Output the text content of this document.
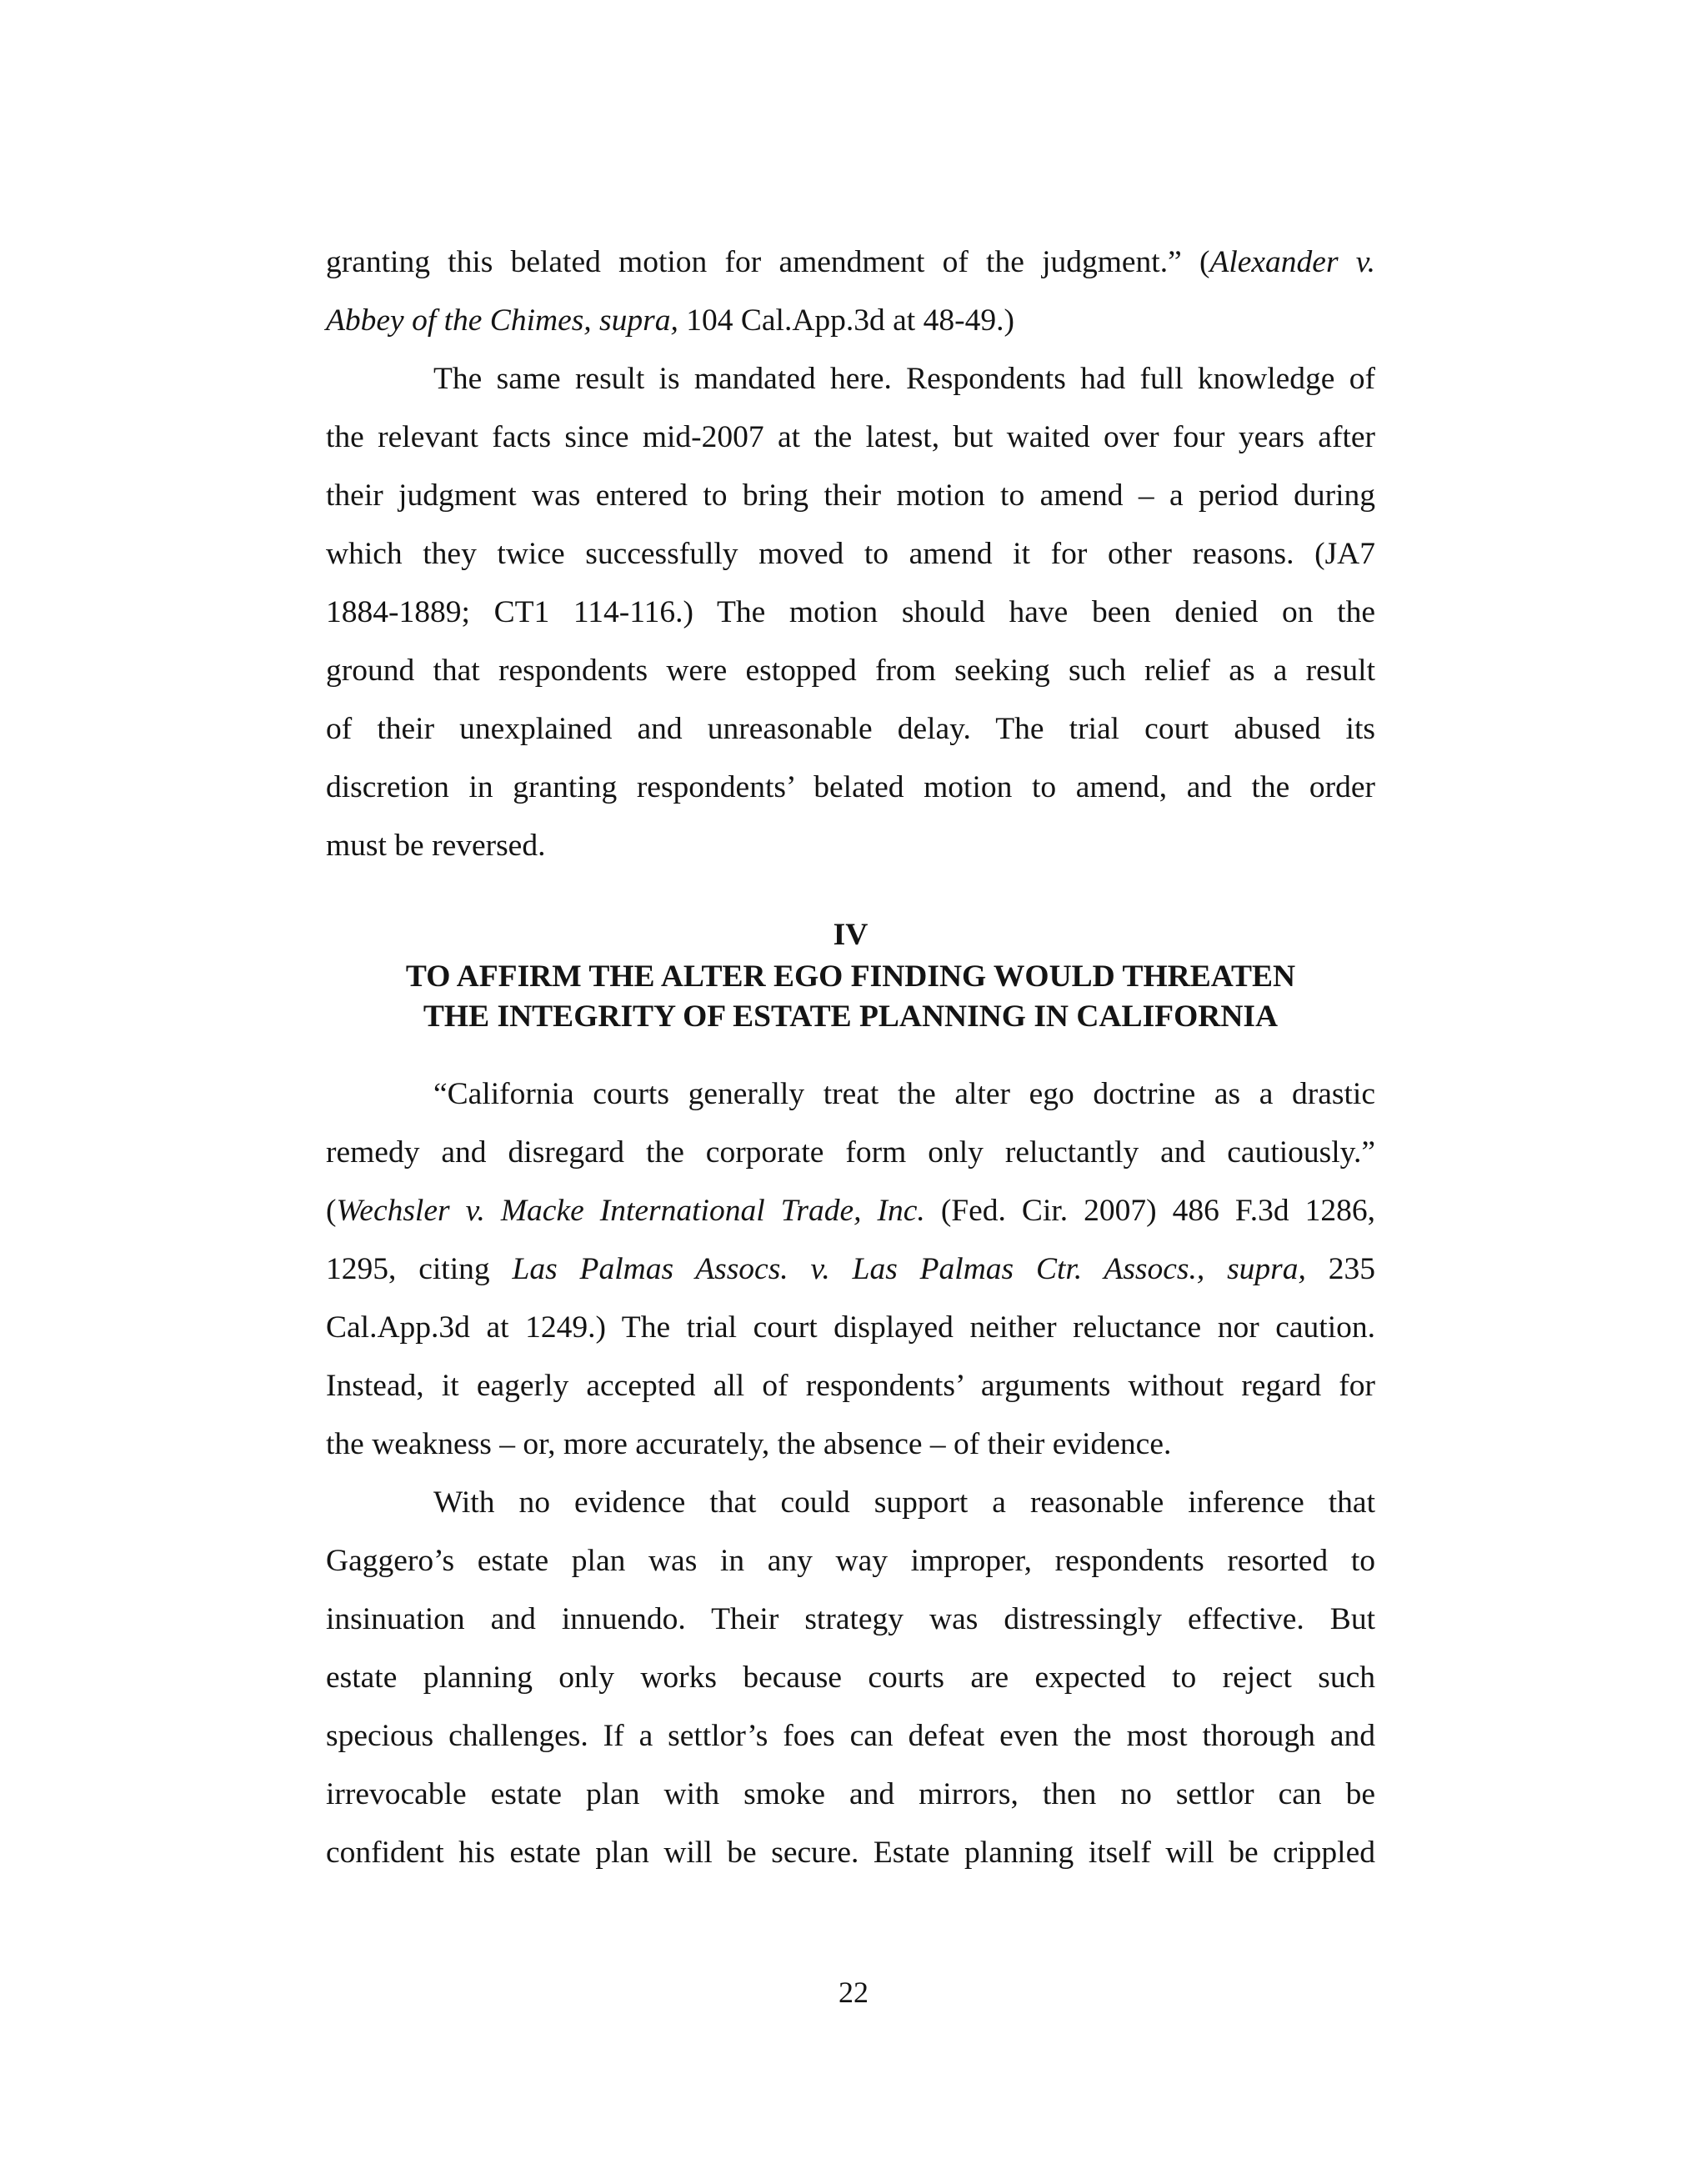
granting this belated motion for amendment of the judgment.” (Alexander v.
Abbey of the Chimes, supra, 104 Cal.App.3d at 48-49.)
The same result is mandated here. Respondents had full knowledge of
the relevant facts since mid-2007 at the latest, but waited over four years after
their judgment was entered to bring their motion to amend – a period during
which they twice successfully moved to amend it for other reasons. (JA7
1884-1889; CT1 114-116.) The motion should have been denied on the
ground that respondents were estopped from seeking such relief as a result
of their unexplained and unreasonable delay. The trial court abused its
discretion in granting respondents’ belated motion to amend, and the order
must be reversed.
IV
TO AFFIRM THE ALTER EGO FINDING WOULD THREATEN
THE INTEGRITY OF ESTATE PLANNING IN CALIFORNIA
“California courts generally treat the alter ego doctrine as a drastic
remedy and disregard the corporate form only reluctantly and cautiously.”
(Wechsler v. Macke International Trade, Inc. (Fed. Cir. 2007) 486 F.3d 1286,
1295, citing Las Palmas Assocs. v. Las Palmas Ctr. Assocs., supra, 235
Cal.App.3d at 1249.) The trial court displayed neither reluctance nor caution.
Instead, it eagerly accepted all of respondents’ arguments without regard for
the weakness – or, more accurately, the absence – of their evidence.
With no evidence that could support a reasonable inference that
Gaggero’s estate plan was in any way improper, respondents resorted to
insinuation and innuendo. Their strategy was distressingly effective. But
estate planning only works because courts are expected to reject such
specious challenges. If a settlor’s foes can defeat even the most thorough and
irrevocable estate plan with smoke and mirrors, then no settlor can be
confident his estate plan will be secure. Estate planning itself will be crippled
22
